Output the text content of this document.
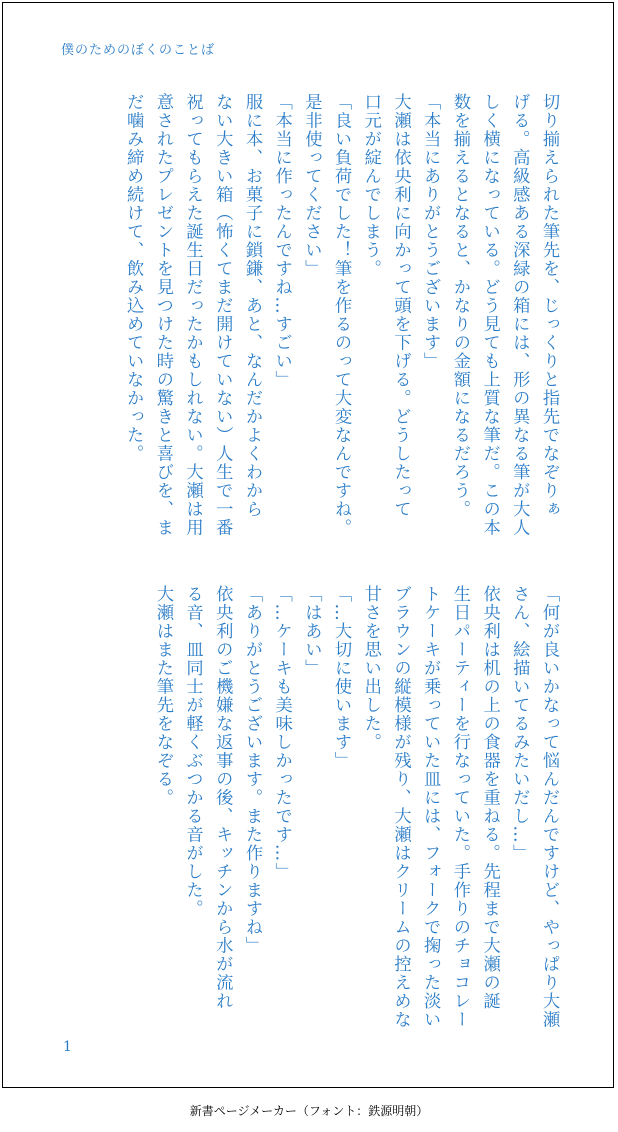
僕のためのぼくのことば

切り揃えられた筆先を、じっくりと指先でなぞりぁ

げる。高級感ある深緑の箱には、形の異なる筆が大人

しく横になっている。どう見ても上質な筆だ。この本

数を揃えるとなると、かなりの金額になるだろう。

「本当にありがとうございます」

大瀬は依央利に向かって頭を下げる。どうしたって

口元が綻んでしまう。

「良い負荷でした！筆を作るのって大変なんですね。

是非使ってください」

「本当に作ったんですね…すごい」

服に本、お菓子に鎖鎌、あと、なんだかよくわから

ない大きい箱（怖くてまだ開けていない）人生で一番

祝ってもらえた誕生日だったかもしれない。大瀬は用

意されたプレゼントを見つけた時の驚きと喜びを、ま

だ噛み締め続けて、飲み込めていなかった。

「何が良いかなって悩んだんですけど、やっぱり大瀬

さん、絵描いてるみたいだし…」

依央利は机の上の食器を重ねる。先程まで大瀬の誕

生日パーティーを行なっていた。手作りのチョコレー

トケーキが乗っていた皿には、フォークで掬った淡い

ブラウンの縦模様が残り、大瀬はクリームの控えめな

甘さを思い出した。

「…大切に使います」

「はあい」

「…ケーキも美味しかったです…」

「ありがとうございます。また作りますね」

依央利のご機嫌な返事の後、キッチンから水が流れ

る音、皿同士が軽くぶつかる音がした。

大瀬はまた筆先をなぞる。

1
新書ページメーカー（フォント：鉄源明朝）
